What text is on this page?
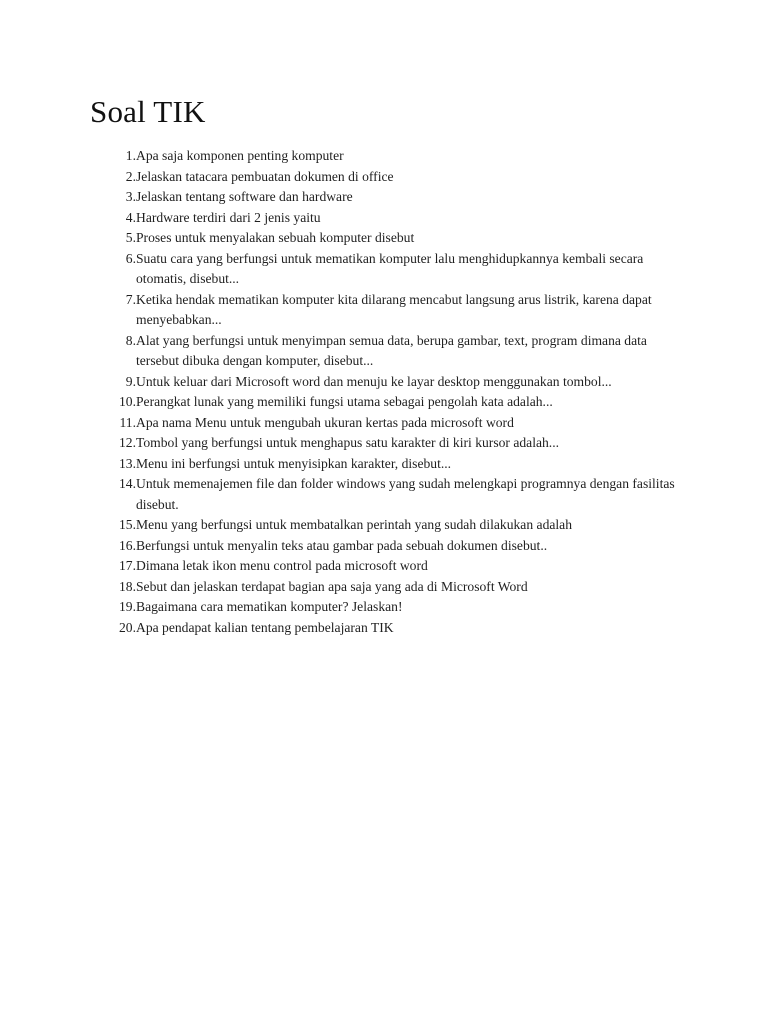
Soal TIK
1. Apa saja komponen penting komputer
2. Jelaskan tatacara pembuatan dokumen di office
3. Jelaskan tentang software dan hardware
4. Hardware terdiri dari 2 jenis yaitu
5. Proses untuk menyalakan sebuah komputer disebut
6. Suatu cara yang berfungsi untuk mematikan komputer lalu menghidupkannya kembali secara otomatis, disebut...
7. Ketika hendak mematikan komputer kita dilarang mencabut langsung arus listrik, karena dapat menyebabkan...
8. Alat yang berfungsi untuk menyimpan semua data, berupa gambar, text, program dimana data tersebut dibuka dengan komputer, disebut...
9. Untuk keluar dari Microsoft word dan menuju ke layar desktop menggunakan tombol...
10. Perangkat lunak yang memiliki fungsi utama sebagai pengolah kata adalah...
11. Apa nama Menu untuk mengubah ukuran kertas pada microsoft word
12. Tombol yang berfungsi untuk menghapus satu karakter di kiri kursor adalah...
13. Menu ini berfungsi untuk menyisipkan karakter, disebut...
14. Untuk memenajemen file dan folder windows yang sudah melengkapi programnya dengan fasilitas disebut.
15. Menu yang berfungsi untuk membatalkan perintah yang sudah dilakukan adalah
16. Berfungsi untuk menyalin teks atau gambar pada sebuah dokumen disebut..
17. Dimana letak ikon menu control pada microsoft word
18. Sebut dan jelaskan terdapat bagian apa saja yang ada di Microsoft Word
19. Bagaimana cara mematikan komputer? Jelaskan!
20. Apa pendapat kalian tentang pembelajaran TIK
